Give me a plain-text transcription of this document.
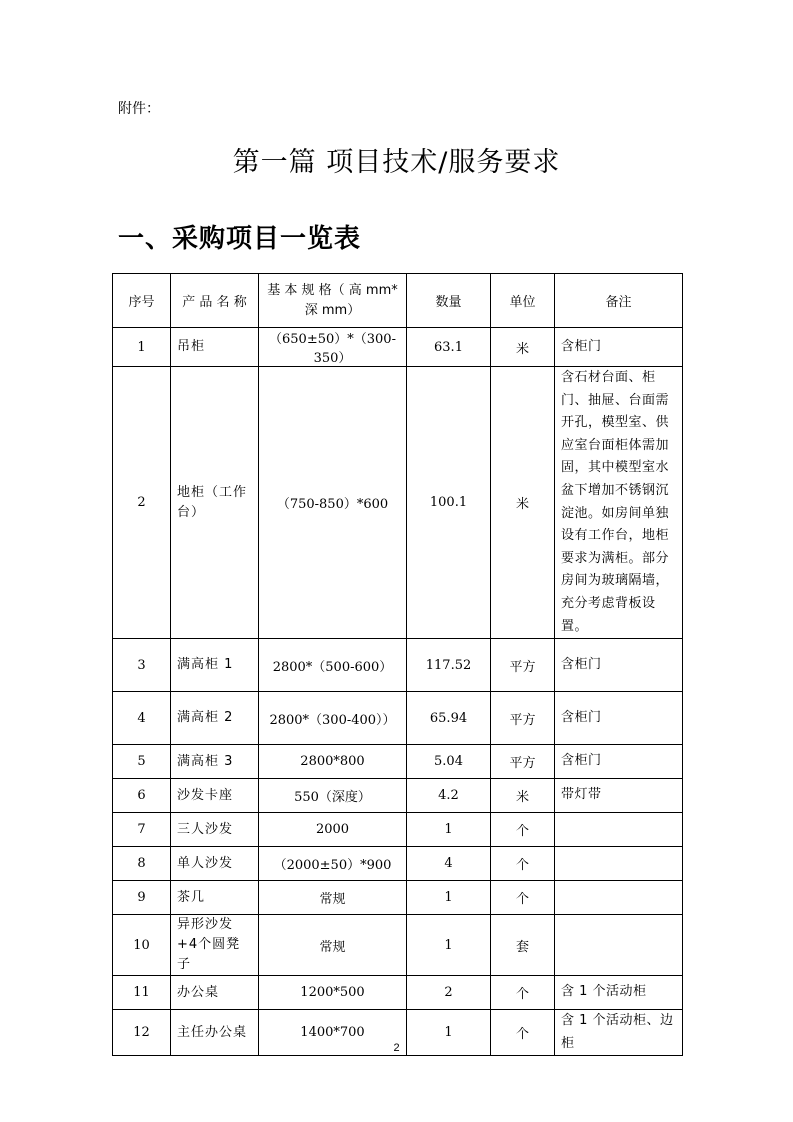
附件：
第一篇 项目技术/服务要求
一、采购项目一览表
序号	产 品 名 称	基 本 规 格（ 高 mm*深 mm）	数量	单位	备注
1	吊柜	（650±50）*（300-350）	63.1	米	含柜门
2	地柜（工作台）	（750-850）*600	100.1	米	含石材台面、柜门、抽屉、台面需开孔，模型室、供应室台面柜体需加固，其中模型室水盆下增加不锈钢沉淀池。如房间单独设有工作台，地柜要求为满柜。部分房间为玻璃隔墙，充分考虑背板设置。
3	满高柜 1	2800*（500-600）	117.52	平方	含柜门
4	满高柜 2	2800*（300-400））	65.94	平方	含柜门
5	满高柜 3	2800*800	5.04	平方	含柜门
6	沙发卡座	550（深度）	4.2	米	带灯带
7	三人沙发	2000	1	个	
8	单人沙发	（2000±50）*900	4	个	
9	茶几	常规	1	个	
10	异形沙发+4个圆凳子	常规	1	套	
11	办公桌	1200*500	2	个	含 1 个活动柜
12	主任办公桌	1400*700	1	个	含 1 个活动柜、边柜
2
